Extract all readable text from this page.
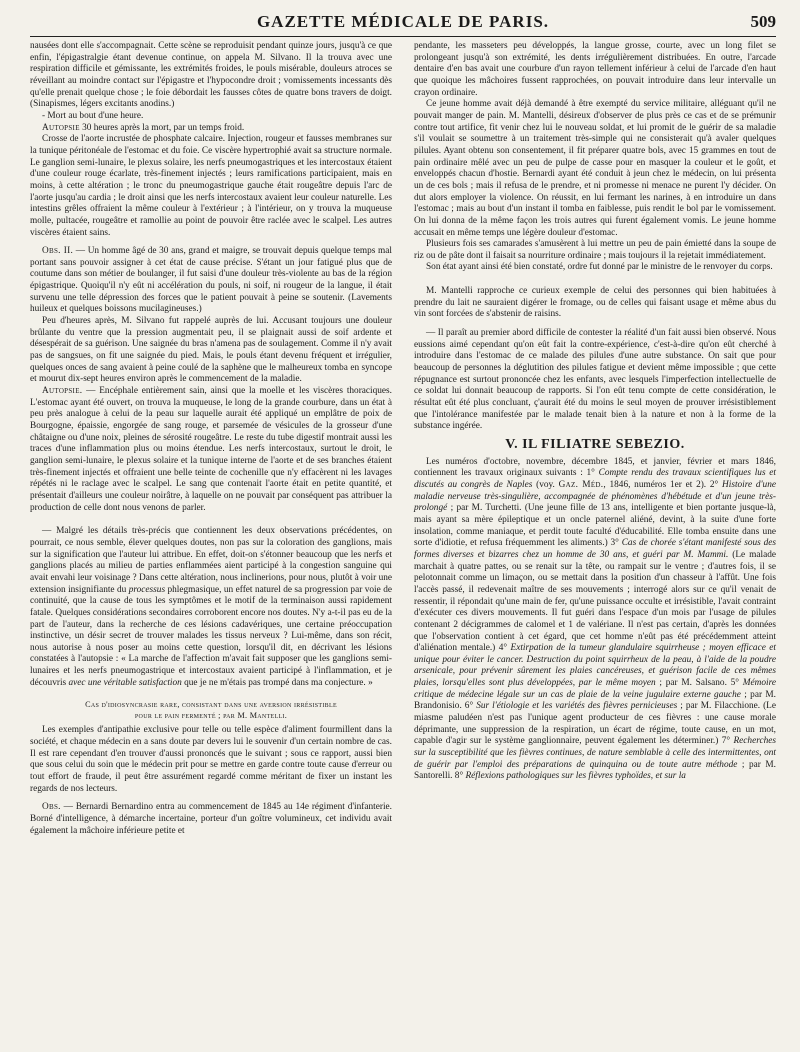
GAZETTE MÉDICALE DE PARIS.	509

nausées dont elle s'accompagnait. Cette scène se reproduisit pendant quinze jours, jusqu'à ce que enfin, l'épigastralgie étant devenue continue, on appela M. Silvano. Il la trouva avec une respiration difficile et gémissante, les extrémités froides, le pouls misérable, douleurs atroces se réveillant au moindre contact sur l'épigastre et l'hypocondre droit ; vomissements incessants dès qu'elle prenait quelque chose ; le foie débordait les fausses côtes de quatre bons travers de doigt. (Sinapismes, légers excitants anodins.)

- Mort au bout d'une heure.

Autopsie 30 heures après la mort, par un temps froid.

Crosse de l'aorte incrustée de phosphate calcaire. Injection, rougeur et fausses membranes sur la tunique péritonéale de l'estomac et du foie. Ce viscère hypertrophié avait sa structure normale. Le ganglion semi-lunaire, le plexus solaire, les nerfs pneumogastriques et les intercostaux étaient d'une couleur rouge écarlate, très-finement injectés ; leurs ramifications participaient, mais en moins, à cette altération ; le tronc du pneumogastrique gauche était rougeâtre depuis l'arc de l'aorte jusqu'au cardia ; le droit ainsi que les nerfs intercostaux avaient leur couleur naturelle. Les intestins grêles offraient la même couleur à l'extérieur ; à l'intérieur, on y trouva la muqueuse molle, pultacée, rougeâtre et ramollie au point de pouvoir être raclée avec le scalpel. Les autres viscères étaient sains.

Obs. II. — Un homme âgé de 30 ans, grand et maigre, se trouvait depuis quelque temps mal portant sans pouvoir assigner à cet état de cause précise. S'étant un jour fatigué plus que de coutume dans son métier de boulanger, il fut saisi d'une douleur très-violente au bas de la région épigastrique. Quoiqu'il n'y eût ni accélération du pouls, ni soif, ni rougeur de la langue, il était survenu une telle dépression des forces que le patient pouvait à peine se soutenir. (Lavements huileux et quelques boissons mucilagineuses.)

Peu d'heures après, M. Silvano fut rappelé auprès de lui. Accusant toujours une douleur brûlante du ventre que la pression augmentait peu, il se plaignait aussi de soif ardente et désespérait de sa guérison. Une saignée du bras n'amena pas de soulagement. Comme il n'y avait pas de sangsues, on fit une saignée du pied. Mais, le pouls étant devenu fréquent et irrégulier, quelques onces de sang avaient à peine coulé de la saphène que le malheureux tomba en syncope et mourut dix-sept heures environ après le commencement de la maladie.

Autopsie. — Encéphale entièrement sain, ainsi que la moelle et les viscères thoraciques. L'estomac ayant été ouvert, on trouva la muqueuse, le long de la grande courbure, dans un état à peu près analogue à celui de la peau sur laquelle aurait été appliqué un emplâtre de poix de Bourgogne, épaissie, engorgée de sang rouge, et parsemée de vésicules de la grosseur d'une châtaigne ou d'une noix, pleines de sérosité rougeâtre. Le reste du tube digestif montrait aussi les traces d'une inflammation plus ou moins étendue. Les nerfs intercostaux, surtout le droit, le ganglion semi-lunaire, le plexus solaire et la tunique interne de l'aorte et de ses branches étaient très-finement injectés et offraient une belle teinte de cochenille que n'y effacèrent ni les lavages répétés ni le raclage avec le scalpel. Le sang que contenait l'aorte était en petite quantité, et présentait d'ailleurs une couleur noirâtre, à laquelle on ne pouvait par conséquent pas attribuer la production de celle dont nous venons de parler.

— Malgré les détails très-précis que contiennent les deux observations précédentes, on pourrait, ce nous semble, élever quelques doutes, non pas sur la coloration des ganglions, mais sur la signification que l'auteur lui attribue. En effet, doit-on s'étonner beaucoup que les nerfs et ganglions placés au milieu de parties enflammées aient participé à la congestion sanguine qui avait envahi leur voisinage ? Dans cette altération, nous inclinerions, pour nous, plutôt à voir une extension insignifiante du processus phlegmasique, un effet naturel de sa progression par voie de continuité, que la cause de tous les symptômes et le motif de la terminaison aussi rapidement fatale. Quelques considérations secondaires corroborent encore nos doutes. N'y a-t-il pas eu de la part de l'auteur, dans la recherche de ces lésions cadavériques, une certaine préoccupation instinctive, un désir secret de trouver malades les tissus nerveux ? Lui-même, dans son récit, nous autorise à nous poser au moins cette question, lorsqu'il dit, en décrivant les lésions constatées à l'autopsie : « La marche de l'affection m'avait fait supposer que les ganglions semi-lunaires et les nerfs pneumogastrique et intercostaux avaient participé à l'inflammation, et je découvris avec une véritable satisfaction que je ne m'étais pas trompé dans ma conjecture. »

Cas d'idiosyncrasie rare, consistant dans une aversion irrésistible
pour le pain fermenté ; par M. Mantelli.

Les exemples d'antipathie exclusive pour telle ou telle espèce d'aliment fourmillent dans la société, et chaque médecin en a sans doute par devers lui le souvenir d'un certain nombre de cas. Il est rare cependant d'en trouver d'aussi prononcés que le suivant ; sous ce rapport, aussi bien que sous celui du soin que le médecin prit pour se mettre en garde contre toute cause d'erreur ou tout effort de fraude, il peut être assurément regardé comme méritant de fixer un instant les regards de nos lecteurs.

Obs. — Bernardi Bernardino entra au commencement de 1845 au 14e régiment d'infanterie. Borné d'intelligence, à démarche incertaine, porteur d'un goître volumineux, cet individu avait également la mâchoire inférieure petite et

pendante, les masseters peu développés, la langue grosse, courte, avec un long filet se prolongeant jusqu'à son extrémité, les dents irrégulièrement distribuées. En outre, l'arcade dentaire d'en bas avait une courbure d'un rayon tellement inférieur à celui de l'arcade d'en haut que quoique les mâchoires fussent rapprochées, on pouvait introduire dans leur intervalle un crayon ordinaire.

Ce jeune homme avait déjà demandé à être exempté du service militaire, alléguant qu'il ne pouvait manger de pain. M. Mantelli, désireux d'observer de plus près ce cas et de se prémunir contre tout artifice, fit venir chez lui le nouveau soldat, et lui promit de le guérir de sa maladie s'il voulait se soumettre à un traitement très-simple qui ne consisterait qu'à avaler quelques pilules. Ayant obtenu son consentement, il fit préparer quatre bols, avec 15 grammes en tout de pain ordinaire mêlé avec un peu de pulpe de casse pour en masquer la couleur et le goût, et enveloppés chacun d'hostie. Bernardi ayant été conduit à jeun chez le médecin, on lui présenta un de ces bols ; mais il refusa de le prendre, et ni promesse ni menace ne purent l'y décider. On dut alors employer la violence. On réussit, en lui fermant les narines, à en introduire un dans l'estomac ; mais au bout d'un instant il tomba en faiblesse, puis rendit le bol par le vomissement. On lui donna de la même façon les trois autres qui furent également vomis. Le jeune homme accusait en même temps une légère douleur d'estomac.

Plusieurs fois ses camarades s'amusèrent à lui mettre un peu de pain émietté dans la soupe de riz ou de pâte dont il faisait sa nourriture ordinaire ; mais toujours il la rejetait immédiatement.

Son état ayant ainsi été bien constaté, ordre fut donné par le ministre de le renvoyer du corps.

M. Mantelli rapproche ce curieux exemple de celui des personnes qui bien habituées à prendre du lait ne sauraient digérer le fromage, ou de celles qui faisant usage et même abus du vin sont forcées de s'abstenir de raisins.

— Il paraît au premier abord difficile de contester la réalité d'un fait aussi bien observé. Nous eussions aimé cependant qu'on eût fait la contre-expérience, c'est-à-dire qu'on eût cherché à introduire dans l'estomac de ce malade des pilules d'une autre substance. On sait que pour beaucoup de personnes la déglutition des pilules fatigue et devient même impossible ; que cette répugnance est surtout prononcée chez les enfants, avec lesquels l'imperfection intellectuelle de ce soldat lui donnait beaucoup de rapports. Si l'on eût tenu compte de cette considération, le résultat eût été plus concluant, ç'aurait été du moins le seul moyen de prouver irrésistiblement que l'intolérance manifestée par le malade tenait bien à la nature et non à la forme de la substance ingérée.

V. IL FILIATRE SEBEZIO.

Les numéros d'octobre, novembre, décembre 1845, et janvier, février et mars 1846, contiennent les travaux originaux suivants : 1° Compte rendu des travaux scientifiques lus et discutés au congrès de Naples (voy. Gaz. Méd., 1846, numéros 1er et 2). 2° Histoire d'une maladie nerveuse très-singulière, accompagnée de phénomènes d'hébétude et d'un jeune très-prolongé ; par M. Turchetti. (Une jeune fille de 13 ans, intelligente et bien portante jusque-là, mais ayant sa mère épileptique et un oncle paternel aliéné, devint, à la suite d'une forte insolation, comme maniaque, et perdit toute faculté d'éducabilité. Elle tomba ensuite dans une sorte d'idiotie, et refusa fréquemment les aliments.) 3° Cas de chorée s'étant manifesté sous des formes diverses et bizarres chez un homme de 30 ans, et guéri par M. Mammi. (Le malade marchait à quatre pattes, ou se renait sur la tête, ou rampait sur le ventre ; d'autres fois, il se pelotonnait comme un limaçon, ou se mettait dans la position d'un chasseur à l'affût. Une fois l'accès passé, il redevenait maître de ses mouvements ; interrogé alors sur ce qu'il venait de ressentir, il répondait qu'une main de fer, qu'une puissance occulte et irrésistible, l'avait contraint d'exécuter ces divers mouvements. Il fut guéri dans l'espace d'un mois par l'usage de pilules contenant 2 décigrammes de calomel et 1 de valériane. Il n'est pas certain, d'après les données que l'observation contient à cet égard, que cet homme n'eût pas été précédemment atteint d'aliénation mentale.) 4° Extirpation de la tumeur glandulaire squirrheuse ; moyen efficace et unique pour éviter le cancer. Destruction du point squirrheux de la peau, à l'aide de la poudre arsenicale, pour prévenir sûrement les plaies cancéreuses, et guérison facile de ces mêmes plaies, lorsqu'elles sont plus développées, par le même moyen ; par M. Salsano. 5° Mémoire critique de médecine légale sur un cas de plaie de la veine jugulaire externe gauche ; par M. Brandonisio. 6° Sur l'étiologie et les variétés des fièvres pernicieuses ; par M. Filacchione. (Le miasme paludéen n'est pas l'unique agent producteur de ces fièvres : une cause morale déprimante, une suppression de la respiration, un écart de régime, toute cause, en un mot, capable d'agir sur le système ganglionnaire, peuvent également les déterminer.) 7° Recherches sur la susceptibilité que les fièvres continues, de nature semblable à celle des intermittentes, ont de guérir par l'emploi des préparations de quinquina ou de toute autre méthode ; par M. Santorelli. 8° Réflexions pathologiques sur les fièvres typhoïdes, et sur la
